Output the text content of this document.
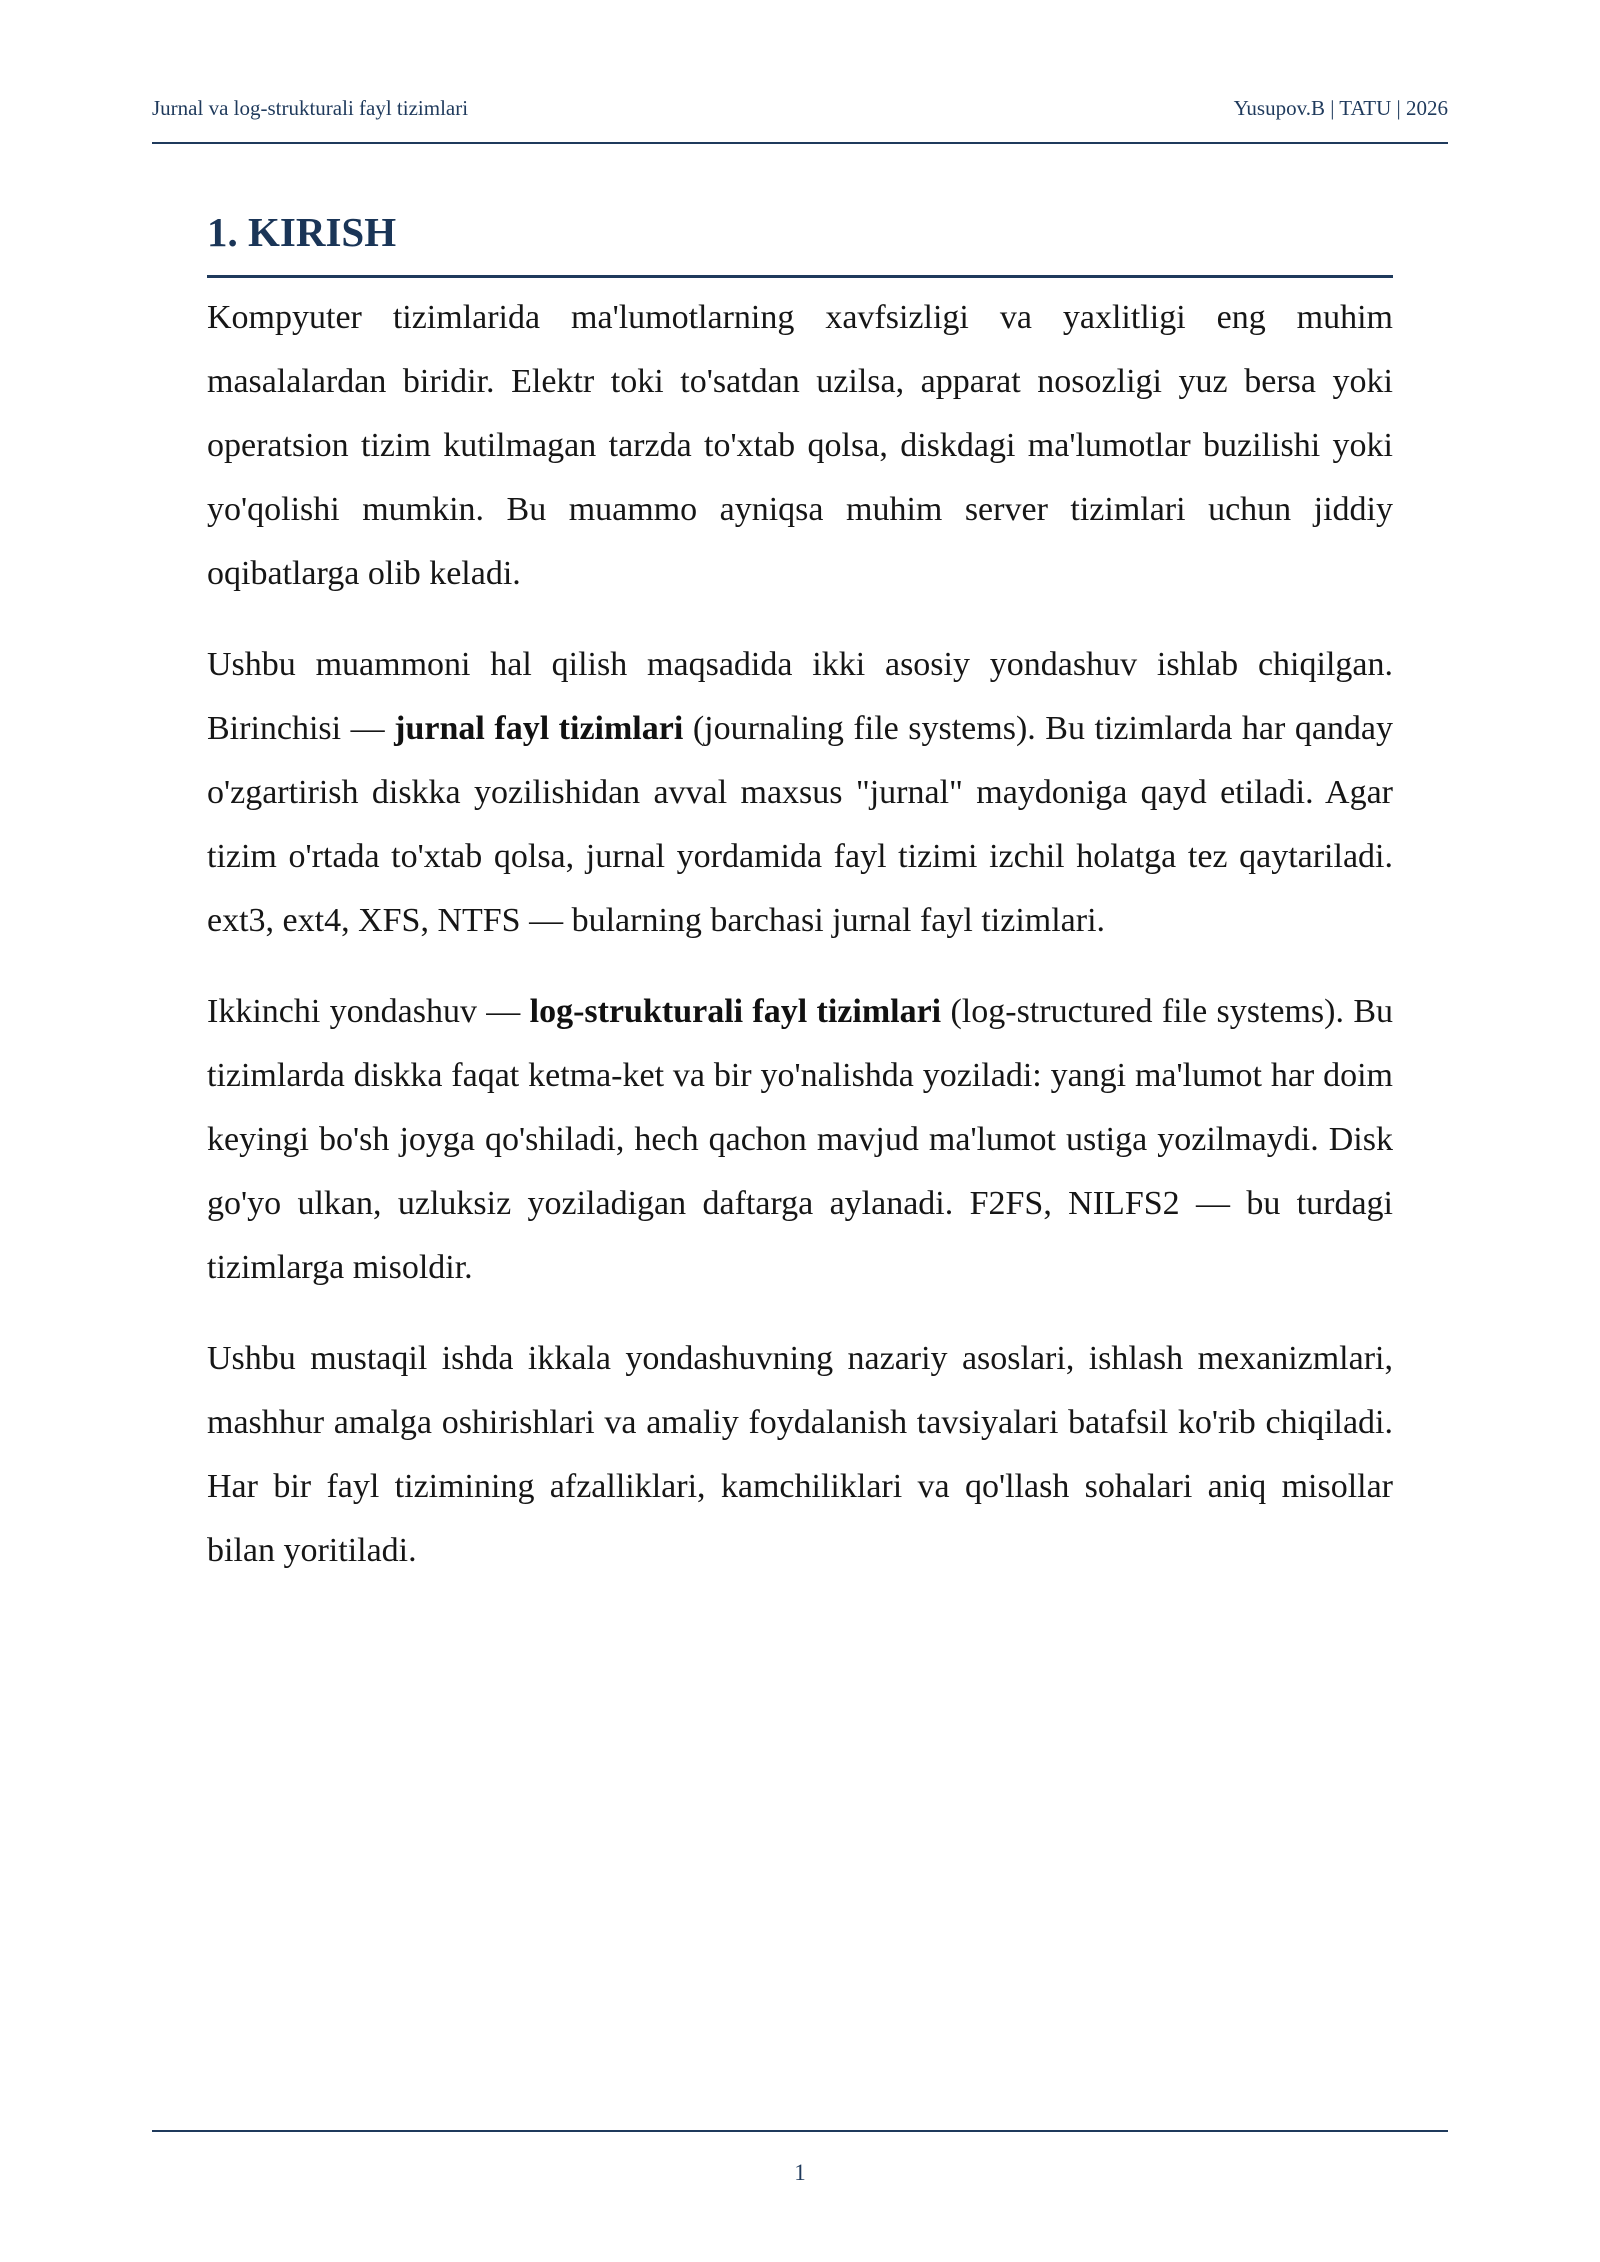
Jurnal va log-strukturali fayl tizimlari	Yusupov.B | TATU | 2026
1. KIRISH

Kompyuter tizimlarida ma'lumotlarning xavfsizligi va yaxlitligi eng muhim masalalardan biridir. Elektr toki to'satdan uzilsa, apparat nosozligi yuz bersa yoki operatsion tizim kutilmagan tarzda to'xtab qolsa, diskdagi ma'lumotlar buzilishi yoki yo'qolishi mumkin. Bu muammo ayniqsa muhim server tizimlari uchun jiddiy oqibatlarga olib keladi.

Ushbu muammoni hal qilish maqsadida ikki asosiy yondashuv ishlab chiqilgan. Birinchisi — jurnal fayl tizimlari (journaling file systems). Bu tizimlarda har qanday o'zgartirish diskka yozilishidan avval maxsus "jurnal" maydoniga qayd etiladi. Agar tizim o'rtada to'xtab qolsa, jurnal yordamida fayl tizimi izchil holatga tez qaytariladi. ext3, ext4, XFS, NTFS — bularning barchasi jurnal fayl tizimlari.

Ikkinchi yondashuv — log-strukturali fayl tizimlari (log-structured file systems). Bu tizimlarda diskka faqat ketma-ket va bir yo'nalishda yoziladi: yangi ma'lumot har doim keyingi bo'sh joyga qo'shiladi, hech qachon mavjud ma'lumot ustiga yozilmaydi. Disk go'yo ulkan, uzluksiz yoziladigan daftarga aylanadi. F2FS, NILFS2 — bu turdagi tizimlarga misoldir.

Ushbu mustaqil ishda ikkala yondashuvning nazariy asoslari, ishlash mexanizmlari, mashhur amalga oshirishlari va amaliy foydalanish tavsiyalari batafsil ko'rib chiqiladi. Har bir fayl tizimining afzalliklari, kamchiliklari va qo'llash sohalari aniq misollar bilan yoritiladi.

1
